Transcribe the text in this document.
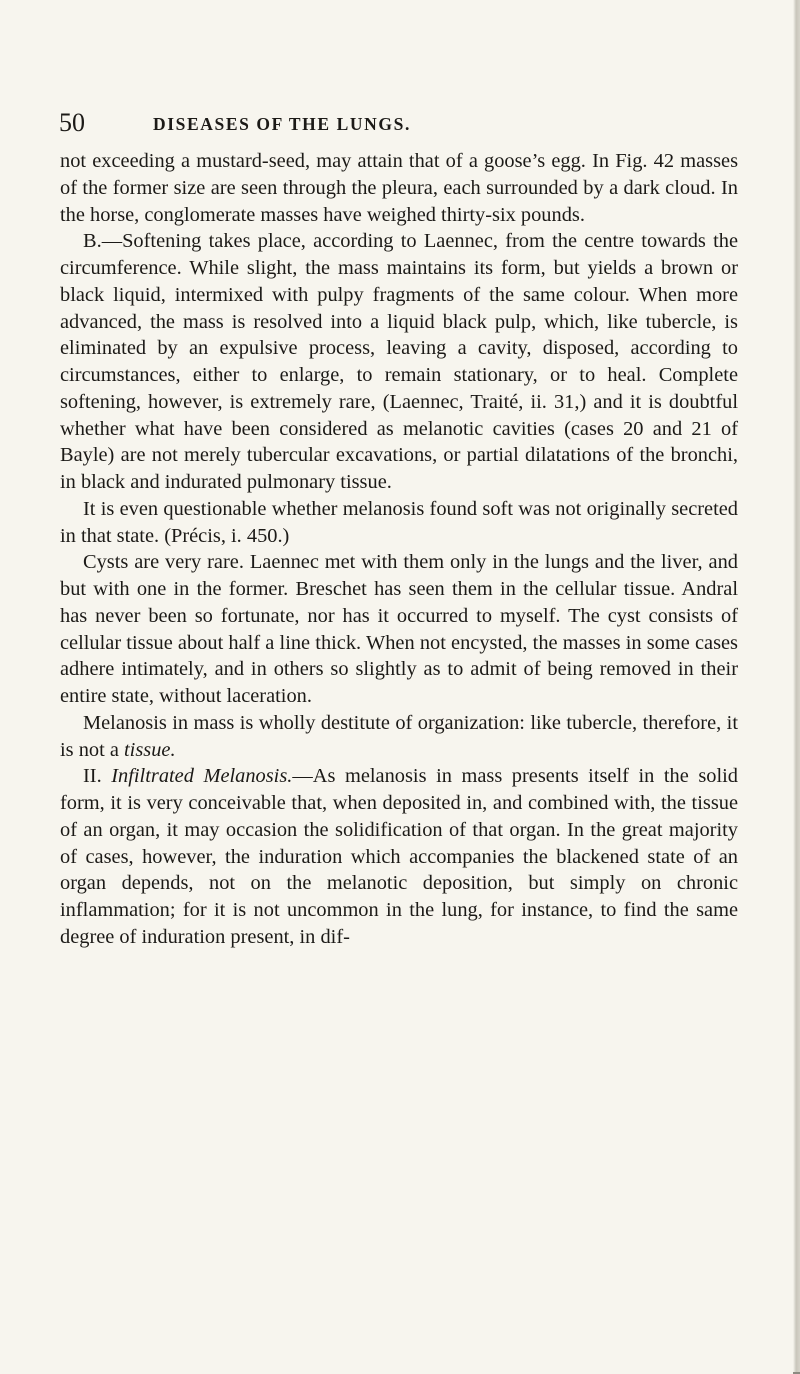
50	DISEASES OF THE LUNGS.

not exceeding a mustard-seed, may attain that of a goose’s egg. In Fig. 42 masses of the former size are seen through the pleura, each surrounded by a dark cloud. In the horse, conglomerate masses have weighed thirty-six pounds.

B.—Softening takes place, according to Laennec, from the centre towards the circumference. While slight, the mass maintains its form, but yields a brown or black liquid, intermixed with pulpy fragments of the same colour. When more advanced, the mass is resolved into a liquid black pulp, which, like tubercle, is eliminated by an expulsive process, leaving a cavity, disposed, according to circumstances, either to enlarge, to remain stationary, or to heal. Complete softening, however, is extremely rare, (Laennec, Traité, ii. 31,) and it is doubtful whether what have been considered as melanotic cavities (cases 20 and 21 of Bayle) are not merely tubercular excavations, or partial dilatations of the bronchi, in black and indurated pulmonary tissue.

It is even questionable whether melanosis found soft was not originally secreted in that state. (Précis, i. 450.)

Cysts are very rare. Laennec met with them only in the lungs and the liver, and but with one in the former. Breschet has seen them in the cellular tissue. Andral has never been so fortunate, nor has it occurred to myself. The cyst consists of cellular tissue about half a line thick. When not encysted, the masses in some cases adhere intimately, and in others so slightly as to admit of being removed in their entire state, without laceration.

Melanosis in mass is wholly destitute of organization: like tubercle, therefore, it is not a tissue.

II. Infiltrated Melanosis.—As melanosis in mass presents itself in the solid form, it is very conceivable that, when deposited in, and combined with, the tissue of an organ, it may occasion the solidification of that organ. In the great majority of cases, however, the induration which accompanies the blackened state of an organ depends, not on the melanotic deposition, but simply on chronic inflammation; for it is not uncommon in the lung, for instance, to find the same degree of induration present, in dif-
